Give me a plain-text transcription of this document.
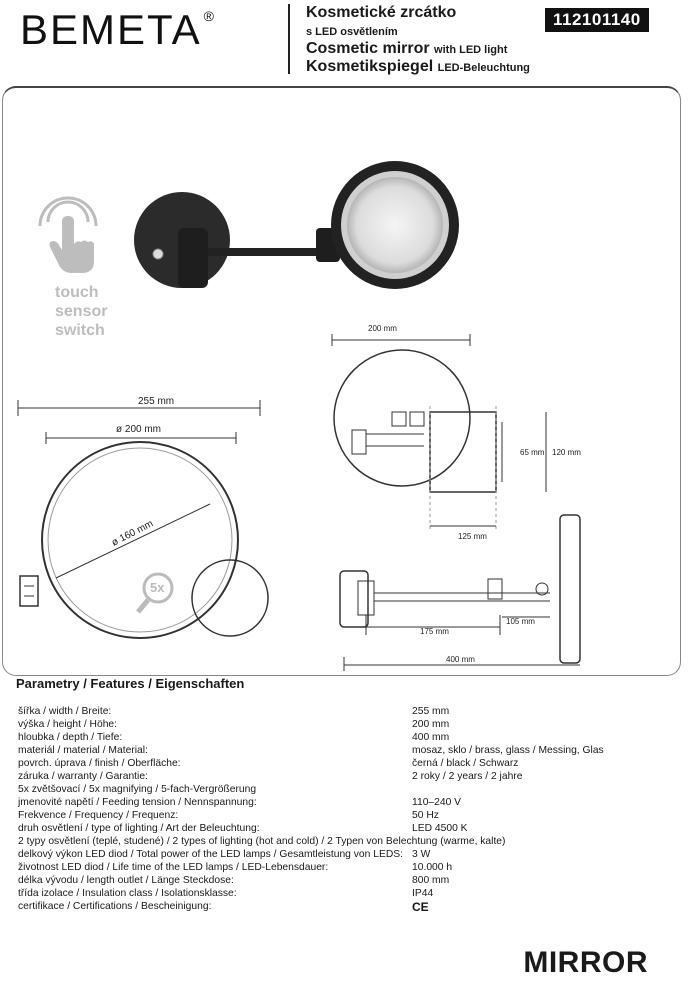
BEMETA ®	Kosmetické zrcátko
s LED osvětlením
Cosmetic mirror with LED light
Kosmetikspiegel LED-Beleuchtung
112101140
touch
sensor
switch
255 mm
ø 200 mm
ø 160 mm
5x
200 mm
65 mm 120 mm
125 mm
175 mm
105 mm
400 mm
Parametry / Features / Eigenschaften
šířka / width / Breite:	255 mm
výška / height / Höhe:	200 mm
hloubka / depth / Tiefe:	400 mm
materiál / material / Material:	mosaz, sklo / brass, glass / Messing, Glas
povrch. úprava / finish / Oberfläche:	černá / black / Schwarz
záruka / warranty / Garantie:	2 roky / 2 years / 2 jahre
5x zvětšovací / 5x magnifying / 5-fach-Vergrößerung
jmenovité napětí / Feeding tension / Nennspannung:	110–240 V
Frekvence / Frequency / Frequenz:	50 Hz
druh osvětlení / type of lighting / Art der Beleuchtung:	LED 4500 K
2 typy osvětlení (teplé, studené) / 2 types of lighting (hot and cold) / 2 Typen von Belechtung (warme, kalte)
delkový výkon LED diod / Total power of the LED lamps / Gesamtleistung von LEDS: 3 W
životnost LED diod / Life time of the LED lamps / LED-Lebensdauer:	10.000 h
délka vývodu / length outlet / Länge Steckdose:	800 mm
třída izolace / Insulation class / Isolationsklasse:	IP44
certifikace / Certifications / Bescheinigung:	CE
MIRROR
